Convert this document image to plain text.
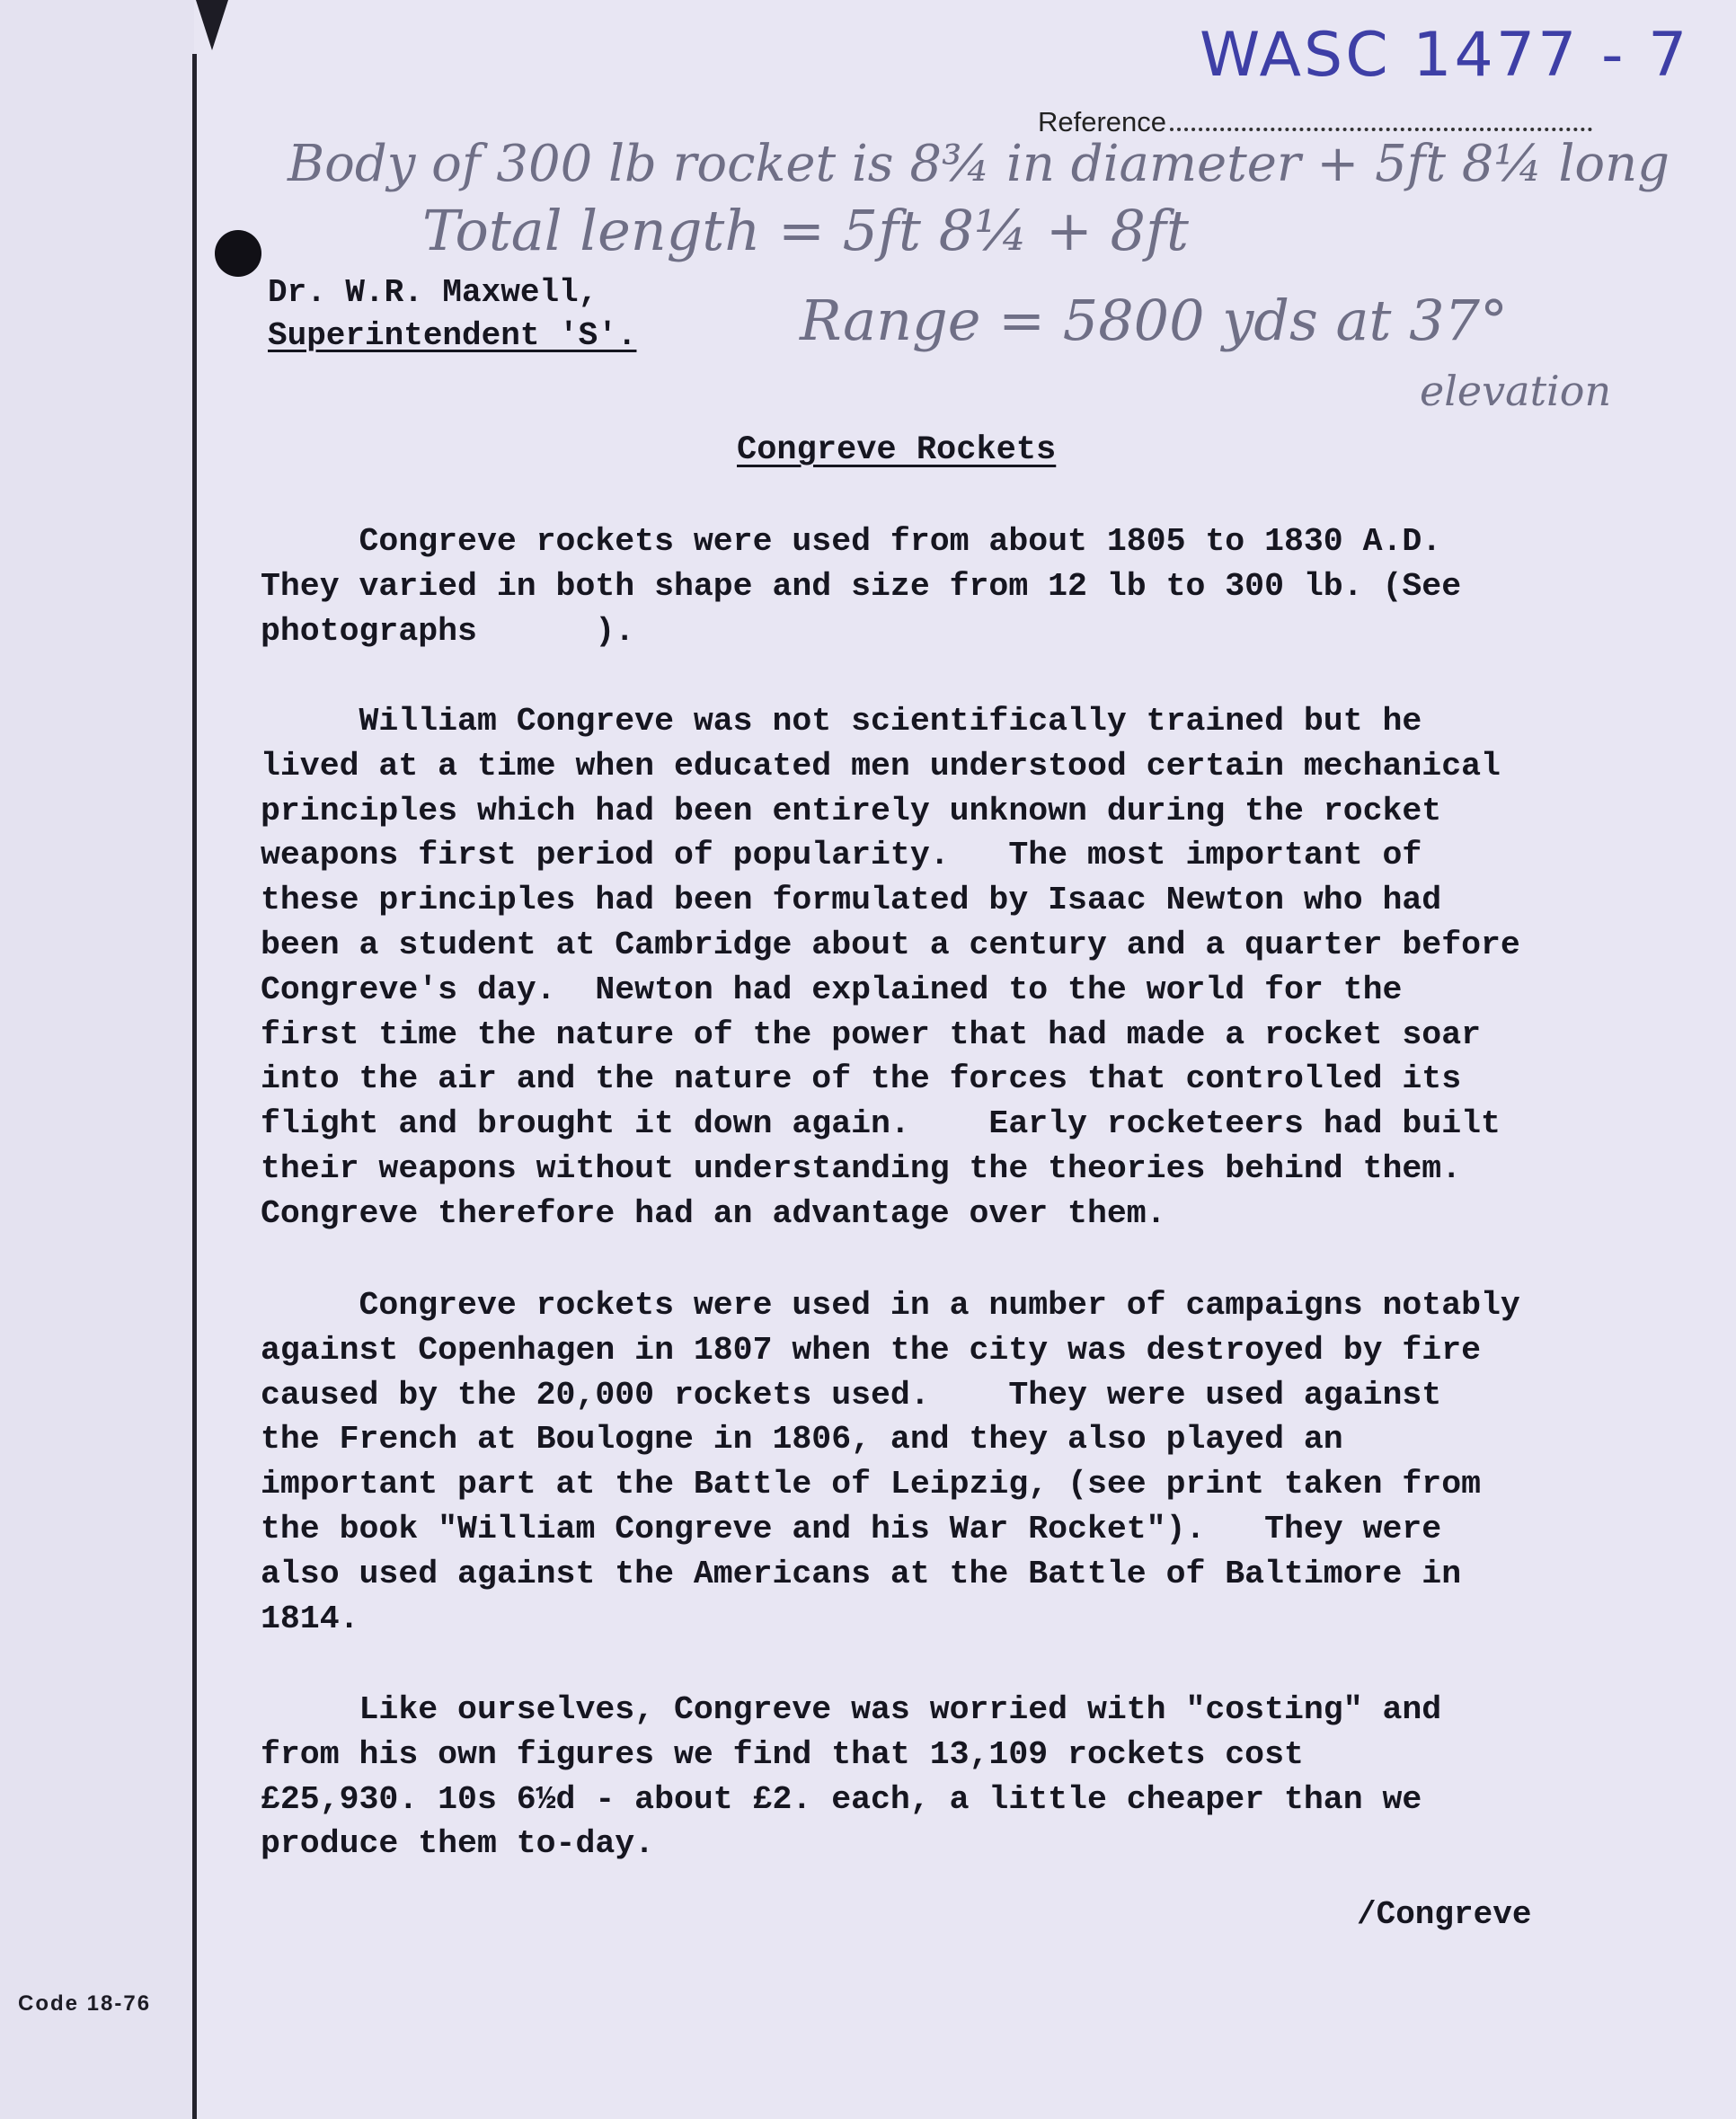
WASC 1477 - 7
Reference
Body of 300 lb rocket is 8¾ in diameter + 5ft 8¼ long
Total length = 5ft 8¼ + 8ft
Range = 5800 yds at 37°
elevation
Dr. W.R. Maxwell,
Superintendent 'S'.
Congreve Rockets
Congreve rockets were used from about 1805 to 1830 A.D.
They varied in both shape and size from 12 lb to 300 lb. (See
photographs      ).
William Congreve was not scientifically trained but he
lived at a time when educated men understood certain mechanical
principles which had been entirely unknown during the rocket
weapons first period of popularity.   The most important of
these principles had been formulated by Isaac Newton who had
been a student at Cambridge about a century and a quarter before
Congreve's day.  Newton had explained to the world for the
first time the nature of the power that had made a rocket soar
into the air and the nature of the forces that controlled its
flight and brought it down again.    Early rocketeers had built
their weapons without understanding the theories behind them.
Congreve therefore had an advantage over them.
Congreve rockets were used in a number of campaigns notably
against Copenhagen in 1807 when the city was destroyed by fire
caused by the 20,000 rockets used.    They were used against
the French at Boulogne in 1806, and they also played an
important part at the Battle of Leipzig, (see print taken from
the book "William Congreve and his War Rocket").   They were
also used against the Americans at the Battle of Baltimore in
1814.
Like ourselves, Congreve was worried with "costing" and
from his own figures we find that 13,109 rockets cost
£25,930. 10s 6½d - about £2. each, a little cheaper than we
produce them to-day.
/Congreve
Code 18-76
